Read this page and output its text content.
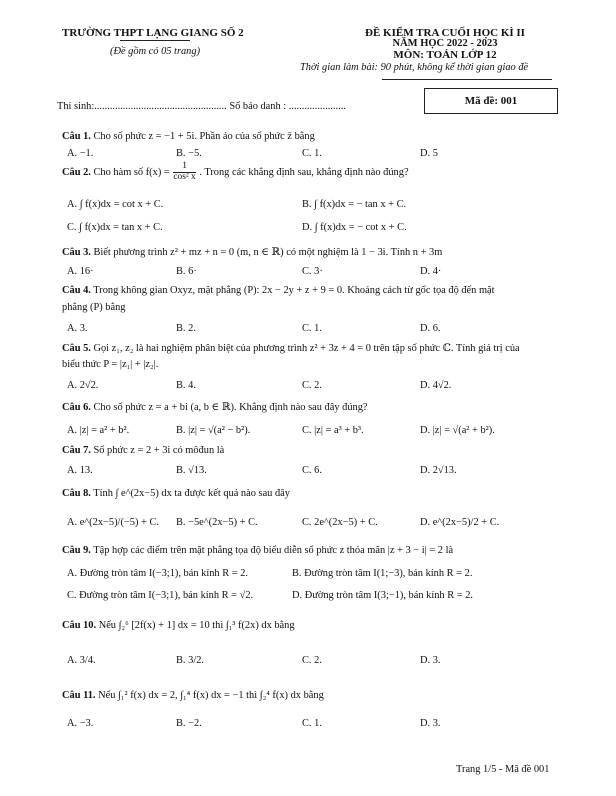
TRƯỜNG THPT LẠNG GIANG SỐ 2
(Đề gồm có 05 trang)
ĐỀ KIỂM TRA CUỐI HỌC KÌ II
NĂM HỌC 2022 - 2023
MÔN: TOÁN LỚP 12
Thời gian làm bài: 90 phút, không kể thời gian giao đề
Thí sinh:................................................... Số báo danh : ......................	Mã đề: 001
Câu 1. Cho số phức z = −1 + 5i. Phần ảo của số phức z̄ bằng
A. −1.	B. −5.	C. 1.	D. 5
Câu 2. Cho hàm số $f(x) = \frac{1}{\text{cos² x}}$ . Trong các khẳng định sau, khẳng định nào đúng?
A. ∫ f(x)dx = cot x + C.	B. ∫ f(x)dx = − tan x + C.
C. ∫ f(x)dx = tan x + C.	D. ∫ f(x)dx = − cot x + C.
Câu 3. Biết phương trình z² + mz + n = 0 (m, n ∈ ℝ) có một nghiệm là 1 − 3i. Tính n + 3m
A. 16·	B. 6·	C. 3·	D. 4·
Câu 4. Trong không gian Oxyz, mặt phẳng (P): 2x − 2y + z + 9 = 0. Khoảng cách từ gốc tọa độ đến mặt
phẳng (P) bằng
A. 3.	B. 2.	C. 1.	D. 6.
Câu 5. Gọi z₁, z₂ là hai nghiệm phân biệt của phương trình z² + 3z + 4 = 0 trên tập số phức ℂ. Tính giá trị của
biểu thức P = |z₁| + |z₂|.
A. 2√2.	B. 4.	C. 2.	D. 4√2.
Câu 6. Cho số phức z = a + bi (a, b ∈ ℝ). Khẳng định nào sau đây đúng?
A. |z| = a² + b².	B. |z| = √(a² − b²).	C. |z| = a³ + b³.	D. |z| = √(a² + b²).
Câu 7. Số phức z = 2 + 3i có môđun là
A. 13.	B. √13.	C. 6.	D. 2√13.
Câu 8. Tính ∫ e^(2x−5) dx ta được kết quả nào sau đây
A. e^(2x−5)/(−5) + C. B. −5e^(2x−5) + C.	C. 2e^(2x−5) + C.	D. e^(2x−5)/2 + C.
Câu 9. Tập hợp các điểm trên mặt phẳng tọa độ biểu diễn số phức z thỏa mãn |z + 3 − i| = 2 là
A. Đường tròn tâm I(−3;1), bán kính R = 2.	B. Đường tròn tâm I(1;−3), bán kính R = 2.
C. Đường tròn tâm I(−3;1), bán kính R = √2.	D. Đường tròn tâm I(3;−1), bán kính R = 2.
Câu 10. Nếu ∫₂⁶ [2f(x) + 1] dx = 10 thì ∫₁³ f(2x) dx bằng
A. 3/4.	B. 3/2.	C. 2.	D. 3.
Câu 11. Nếu ∫₁² f(x) dx = 2, ∫₁⁴ f(x) dx = −1 thì ∫₂⁴ f(x) dx bằng
A. −3.	B. −2.	C. 1.	D. 3.
Trang 1/5 - Mã đề 001
